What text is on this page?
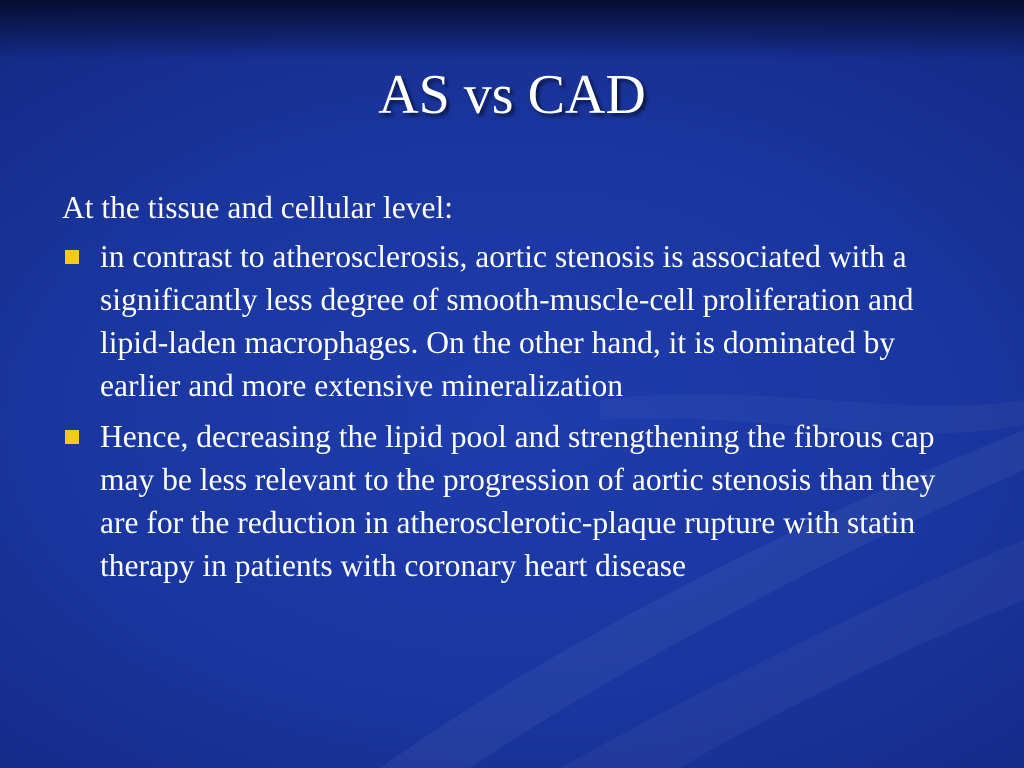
AS vs CAD
At the tissue and cellular level:
in contrast to atherosclerosis, aortic stenosis is associated with a significantly less degree of smooth-muscle-cell proliferation and lipid-laden macrophages. On the other hand, it is dominated by earlier and more extensive mineralization
Hence, decreasing the lipid pool and strengthening the fibrous cap may be less relevant to the progression of aortic stenosis than they are for the reduction in atherosclerotic-plaque rupture with statin therapy in patients with coronary heart disease
